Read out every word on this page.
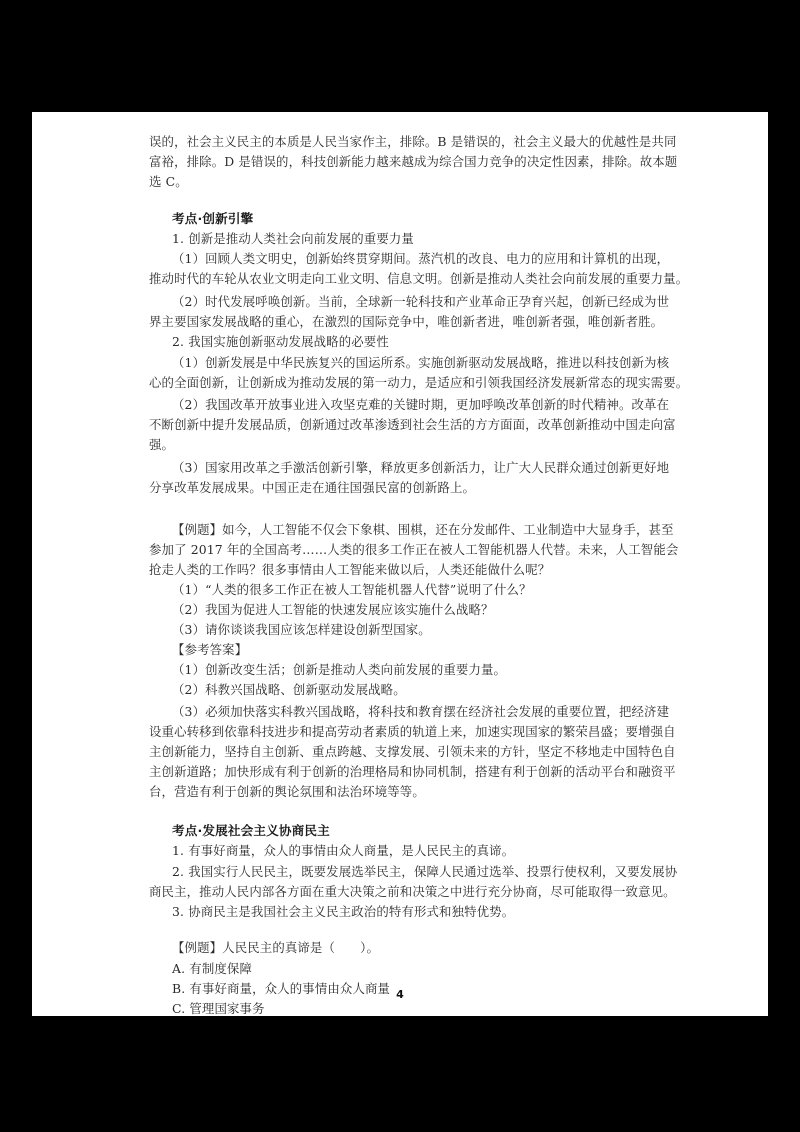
误的，社会主义民主的本质是人民当家作主，排除。B 是错误的，社会主义最大的优越性是共同
富裕，排除。D 是错误的，科技创新能力越来越成为综合国力竞争的决定性因素，排除。故本题
选 C。
考点·创新引擎
1. 创新是推动人类社会向前发展的重要力量
（1）回顾人类文明史，创新始终贯穿期间。蒸汽机的改良、电力的应用和计算机的出现，
推动时代的车轮从农业文明走向工业文明、信息文明。创新是推动人类社会向前发展的重要力量。
（2）时代发展呼唤创新。当前，全球新一轮科技和产业革命正孕育兴起，创新已经成为世
界主要国家发展战略的重心，在激烈的国际竞争中，唯创新者进，唯创新者强，唯创新者胜。
2. 我国实施创新驱动发展战略的必要性
（1）创新发展是中华民族复兴的国运所系。实施创新驱动发展战略，推进以科技创新为核
心的全面创新，让创新成为推动发展的第一动力，是适应和引领我国经济发展新常态的现实需要。
（2）我国改革开放事业进入攻坚克难的关键时期，更加呼唤改革创新的时代精神。改革在
不断创新中提升发展品质，创新通过改革渗透到社会生活的方方面面，改革创新推动中国走向富
强。
（3）国家用改革之手激活创新引擎，释放更多创新活力，让广大人民群众通过创新更好地
分享改革发展成果。中国正走在通往国强民富的创新路上。
【例题】如今，人工智能不仅会下象棋、围棋，还在分发邮件、工业制造中大显身手，甚至
参加了 2017 年的全国高考……人类的很多工作正在被人工智能机器人代替。未来，人工智能会
抢走人类的工作吗？很多事情由人工智能来做以后，人类还能做什么呢？
（1）“人类的很多工作正在被人工智能机器人代替”说明了什么？
（2）我国为促进人工智能的快速发展应该实施什么战略？
（3）请你谈谈我国应该怎样建设创新型国家。
【参考答案】
（1）创新改变生活；创新是推动人类向前发展的重要力量。
（2）科教兴国战略、创新驱动发展战略。
（3）必须加快落实科教兴国战略，将科技和教育摆在经济社会发展的重要位置，把经济建
设重心转移到依靠科技进步和提高劳动者素质的轨道上来，加速实现国家的繁荣昌盛；要增强自
主创新能力，坚持自主创新、重点跨越、支撑发展、引领未来的方针，坚定不移地走中国特色自
主创新道路；加快形成有利于创新的治理格局和协同机制，搭建有利于创新的活动平台和融资平
台，营造有利于创新的舆论氛围和法治环境等等。
考点·发展社会主义协商民主
1. 有事好商量，众人的事情由众人商量，是人民民主的真谛。
2. 我国实行人民民主，既要发展选举民主，保障人民通过选举、投票行使权利，又要发展协
商民主，推动人民内部各方面在重大决策之前和决策之中进行充分协商，尽可能取得一致意见。
3. 协商民主是我国社会主义民主政治的特有形式和独特优势。
【例题】人民民主的真谛是（　　）。
A. 有制度保障
B. 有事好商量，众人的事情由众人商量
C. 管理国家事务
4
